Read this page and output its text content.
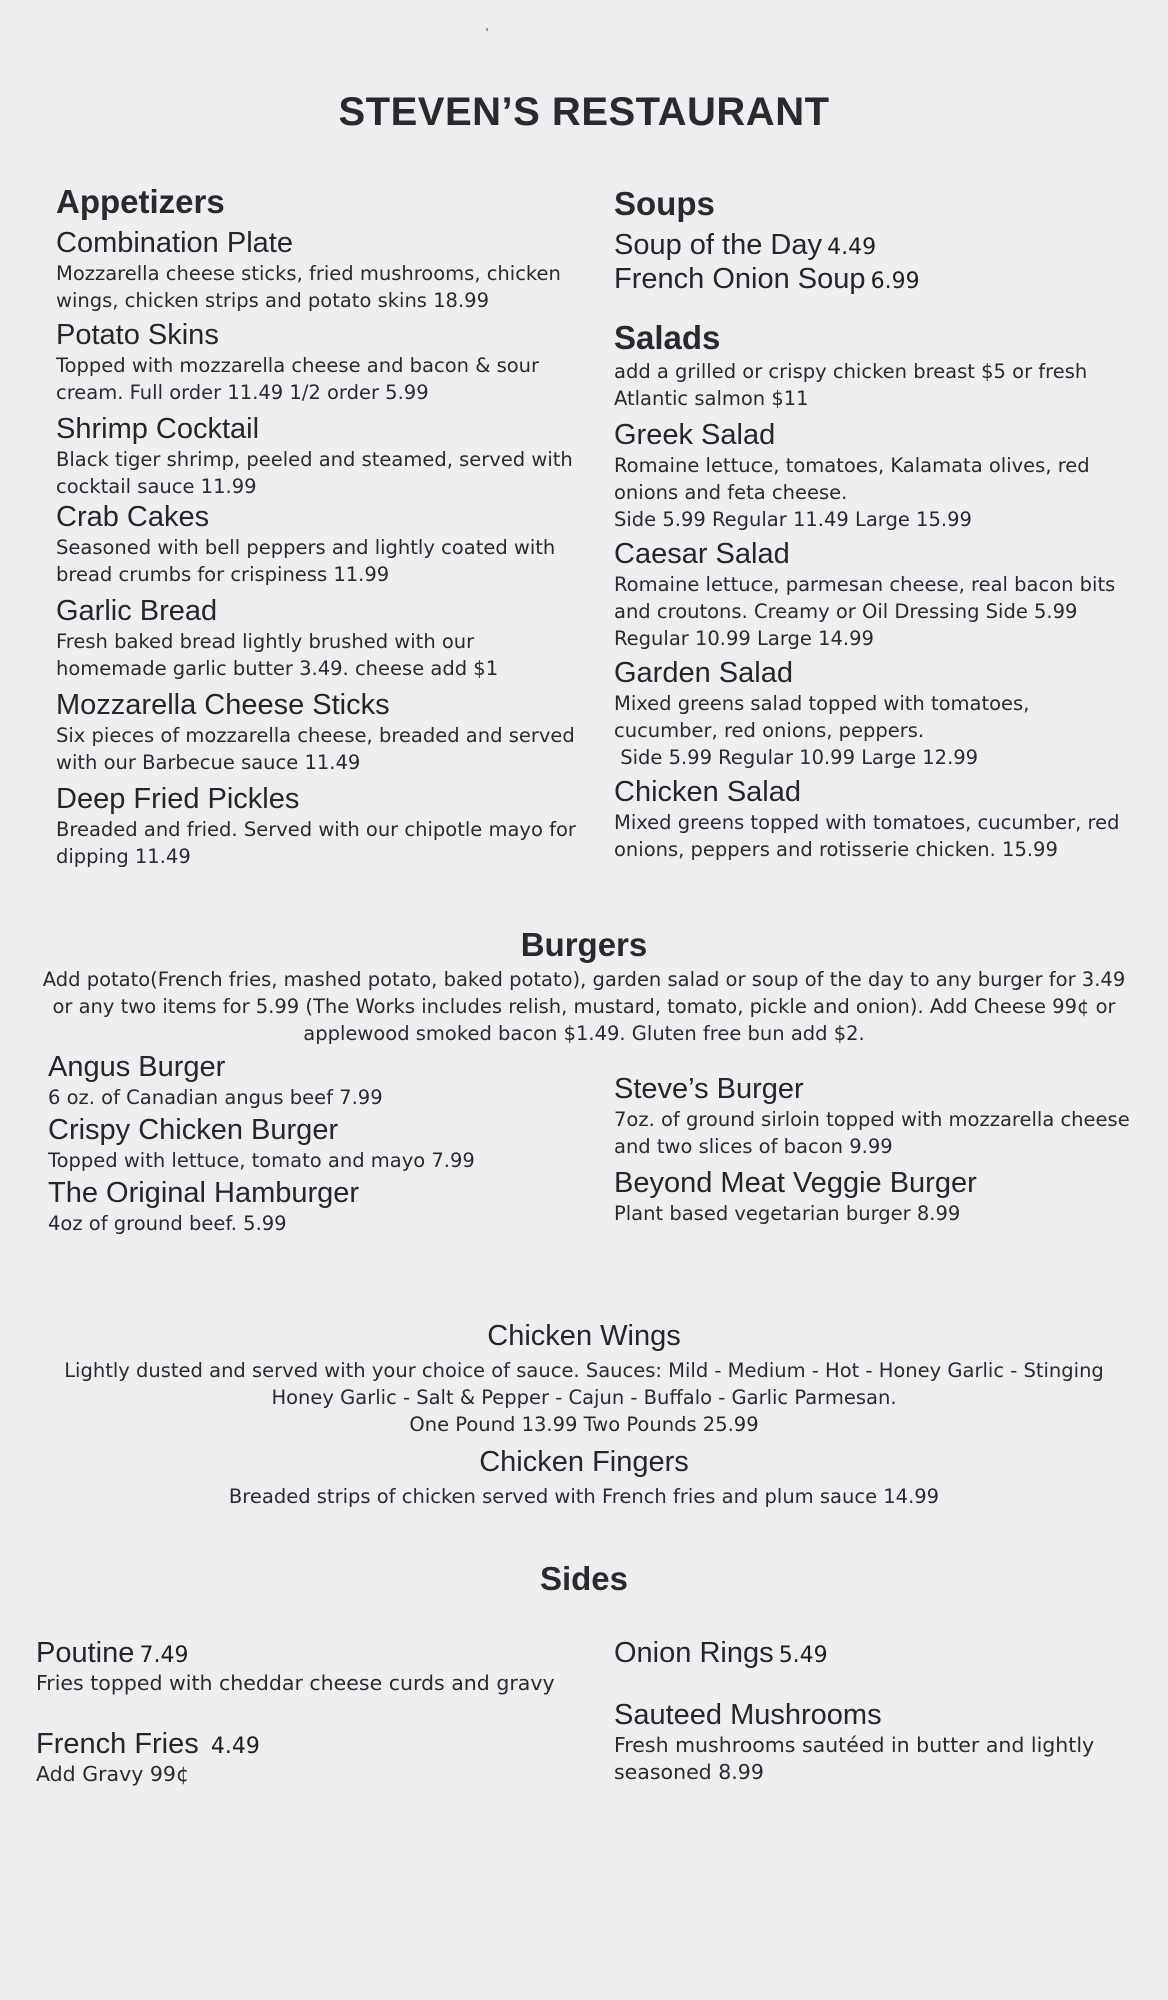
STEVEN’S RESTAURANT
Appetizers
Combination Plate
Mozzarella cheese sticks, fried mushrooms, chicken wings, chicken strips and potato skins 18.99
Potato Skins
Topped with mozzarella cheese and bacon & sour cream. Full order 11.49 1/2 order 5.99
Shrimp Cocktail
Black tiger shrimp, peeled and steamed, served with cocktail sauce 11.99
Crab Cakes
Seasoned with bell peppers and lightly coated with bread crumbs for crispiness 11.99
Garlic Bread
Fresh baked bread lightly brushed with our homemade garlic butter 3.49. cheese add $1
Mozzarella Cheese Sticks
Six pieces of mozzarella cheese, breaded and served with our Barbecue sauce 11.49
Deep Fried Pickles
Breaded and fried. Served with our chipotle mayo for dipping 11.49
Soups
Soup of the Day 4.49
French Onion Soup 6.99
Salads
add a grilled or crispy chicken breast $5 or fresh Atlantic salmon $11
Greek Salad
Romaine lettuce, tomatoes, Kalamata olives, red onions and feta cheese.
Side 5.99 Regular 11.49 Large 15.99
Caesar Salad
Romaine lettuce, parmesan cheese, real bacon bits and croutons. Creamy or Oil Dressing Side 5.99 Regular 10.99 Large 14.99
Garden Salad
Mixed greens salad topped with tomatoes, cucumber, red onions, peppers.
Side 5.99 Regular 10.99 Large 12.99
Chicken Salad
Mixed greens topped with tomatoes, cucumber, red onions, peppers and rotisserie chicken. 15.99
Burgers
Add potato(French fries, mashed potato, baked potato), garden salad or soup of the day to any burger for 3.49
or any two items for 5.99 (The Works includes relish, mustard, tomato, pickle and onion). Add Cheese 99¢ or
applewood smoked bacon $1.49. Gluten free bun add $2.
Angus Burger
6 oz. of Canadian angus beef 7.99
Crispy Chicken Burger
Topped with lettuce, tomato and mayo 7.99
The Original Hamburger
4oz of ground beef. 5.99
Steve’s Burger
7oz. of ground sirloin topped with mozzarella cheese and two slices of bacon 9.99
Beyond Meat Veggie Burger
Plant based vegetarian burger 8.99
Chicken Wings
Lightly dusted and served with your choice of sauce. Sauces: Mild - Medium - Hot - Honey Garlic - Stinging
Honey Garlic - Salt & Pepper - Cajun - Buffalo - Garlic Parmesan.
One Pound 13.99 Two Pounds 25.99
Chicken Fingers
Breaded strips of chicken served with French fries and plum sauce 14.99
Sides
Poutine 7.49
Fries topped with cheddar cheese curds and gravy
French Fries  4.49
Add Gravy 99¢
Onion Rings 5.49
Sauteed Mushrooms
Fresh mushrooms sautéed in butter and lightly seasoned 8.99
